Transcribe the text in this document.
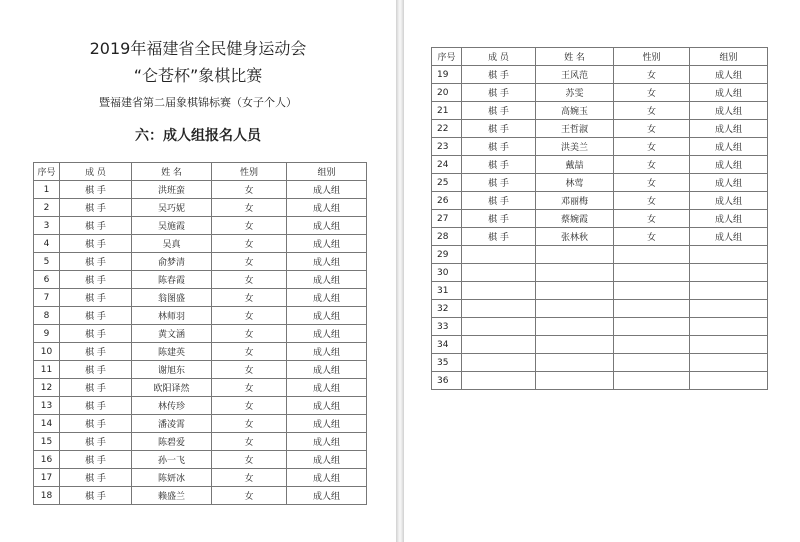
2019年福建省全民健身运动会
“仑苍杯”象棋比赛
暨福建省第二届象棋锦标赛（女子个人）
六：成人组报名人员
序号	成 员	姓 名	性别	组别
1	棋 手	洪班蛮	女	成人组
2	棋 手	吴巧妮	女	成人组
3	棋 手	吴施霞	女	成人组
4	棋 手	吴真	女	成人组
5	棋 手	俞梦清	女	成人组
6	棋 手	陈春霞	女	成人组
7	棋 手	翁图盛	女	成人组
8	棋 手	林师羽	女	成人组
9	棋 手	黄文涵	女	成人组
10	棋 手	陈建英	女	成人组
11	棋 手	谢旭东	女	成人组
12	棋 手	欧阳译然	女	成人组
13	棋 手	林传珍	女	成人组
14	棋 手	潘凌霄	女	成人组
15	棋 手	陈碧爱	女	成人组
16	棋 手	孙一飞	女	成人组
17	棋 手	陈妍冰	女	成人组
18	棋 手	赖盛兰	女	成人组
序号	成 员	姓 名	性别	组别
19	棋 手	王风范	女	成人组
20	棋 手	苏雯	女	成人组
21	棋 手	高婉玉	女	成人组
22	棋 手	王哲淑	女	成人组
23	棋 手	洪美兰	女	成人组
24	棋 手	戴喆	女	成人组
25	棋 手	林莺	女	成人组
26	棋 手	邓丽梅	女	成人组
27	棋 手	蔡婉霞	女	成人组
28	棋 手	张林秋	女	成人组
29				
30				
31				
32				
33				
34				
35				
36				
